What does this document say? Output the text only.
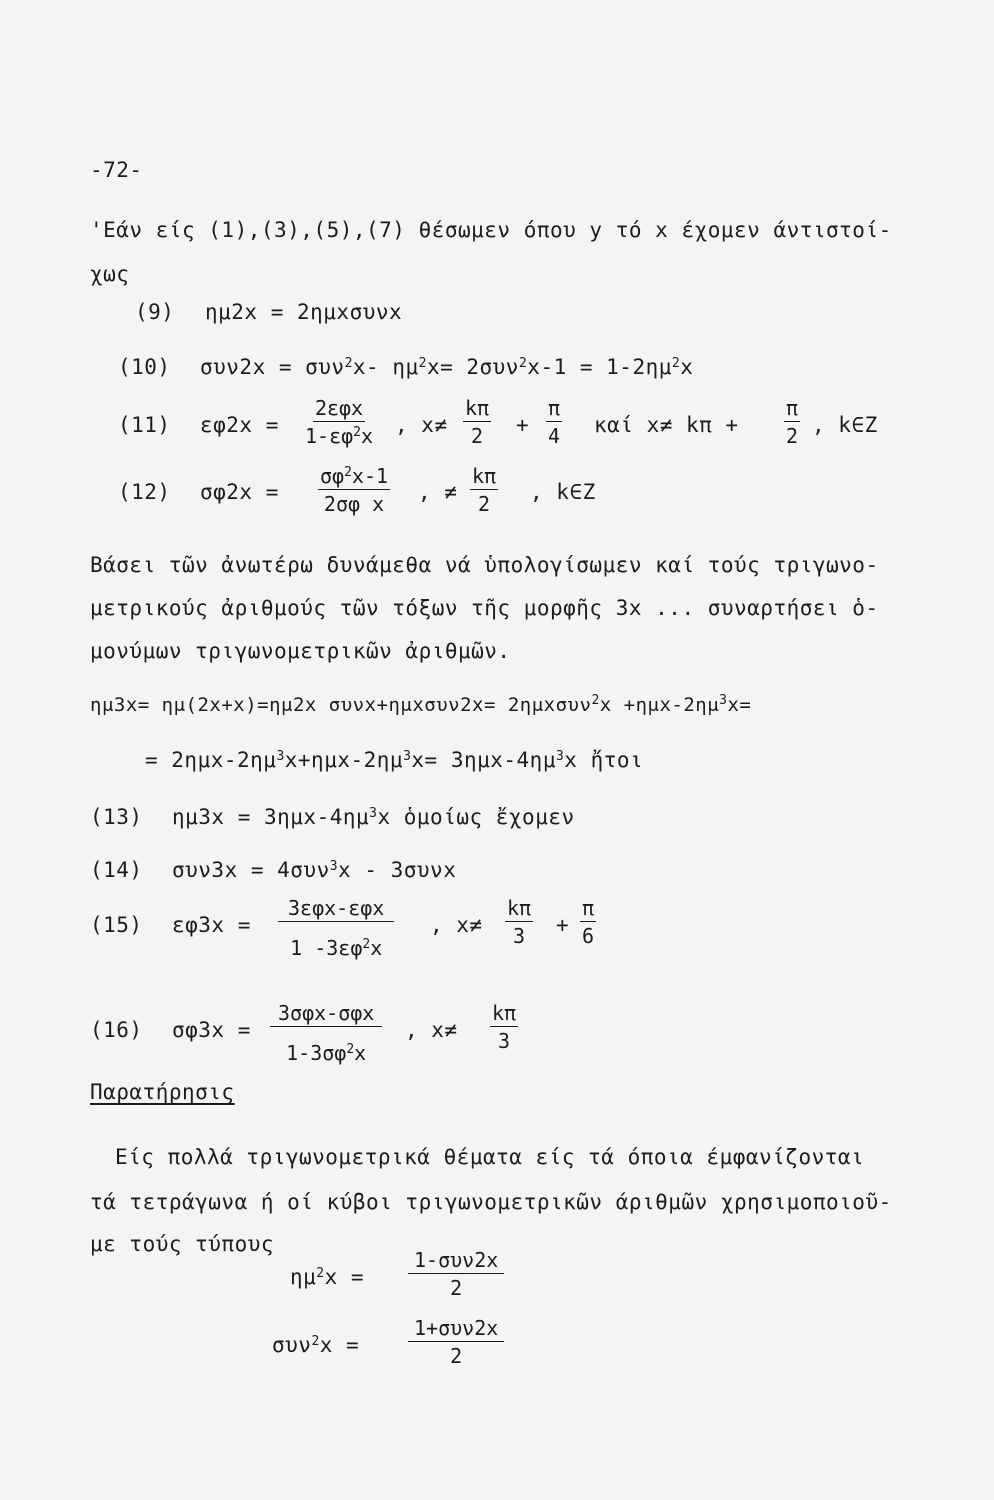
-72-
'Εάν είς (1),(3),(5),(7) θέσωμεν όπου y τό x έχομεν άντιστοί-
χως
(9) ημ2x = 2ημxσυνx
(10) συν2x = συν$^2$x- $\eta\mu^2x= 2\sigma\upsilon\nu^2x-1 = 1-2\eta\mu^2x$
(11) εφ2x =
2εφx
$1-\varepsilon\varphi^2x$ , $x\ne \frac{k\pi}{2} + \frac{\pi}{4}$ καί $x\ne k\pi + \frac{\pi}{2}$ , k∈Z
(12) $\sigma\varphi 2x = \frac{\sigma\varphi^2x-1}{\text{2σφ x}}$ , ≠ $\frac{k\pi}{2}$ , k∈Z
Βάσει τῶν ἀνωτέρω δυνάμεθα νά ὑπολογίσωμεν καί τούς τριγωνο-
μετρικούς ἀριθμούς τῶν τόξων τῆς μορφῆς 3x ... συναρτήσει ὁ-
μονύμων τριγωνομετρικῶν ἀριθμῶν.
ημ3x= ημ(2x+x)=ημ2x $\sigma\upsilon\nu x+\eta\mu x\sigma\upsilon\nu 2x= 2\eta\mu x\sigma\upsilon\nu^2x +\eta\mu x-2\eta\mu^3x=$
= $2\eta\mu x-2\eta\mu^3x+\eta\mu x-2\eta\mu^3x= 3\eta\mu x-4\eta\mu^3x$ ἤτοι
(13) $\eta\mu 3x = 3\eta\mu x-4\eta\mu^3x$ ὁμοίως ἔχομεν
(14) συν3x = 4συν$^3$x - 3συνx
(15) εφ3x =
3εφx-εφx
1 $-3\varepsilon\varphi^2x$
, $x\ne \frac{k\pi}{3} + \frac{\pi}{6}$
(16) σφ3x =
3σφx-σφx
$1-3\sigma\varphi^2x$
, $x\ne \frac{k\pi}{3}$
Παρατήρησις
Είς πολλά τριγωνομετρικά θέματα είς τά όποια έμφανίζονται
τά τετράγωνα ή οί κύβοι τριγωνομετρικῶν άριθμῶν χρησιμοποιοῦ-
με τούς τύπους
$\eta\mu^2x$ =
1-συν2x
2
συν$^2$x =
1+συν2x
2
